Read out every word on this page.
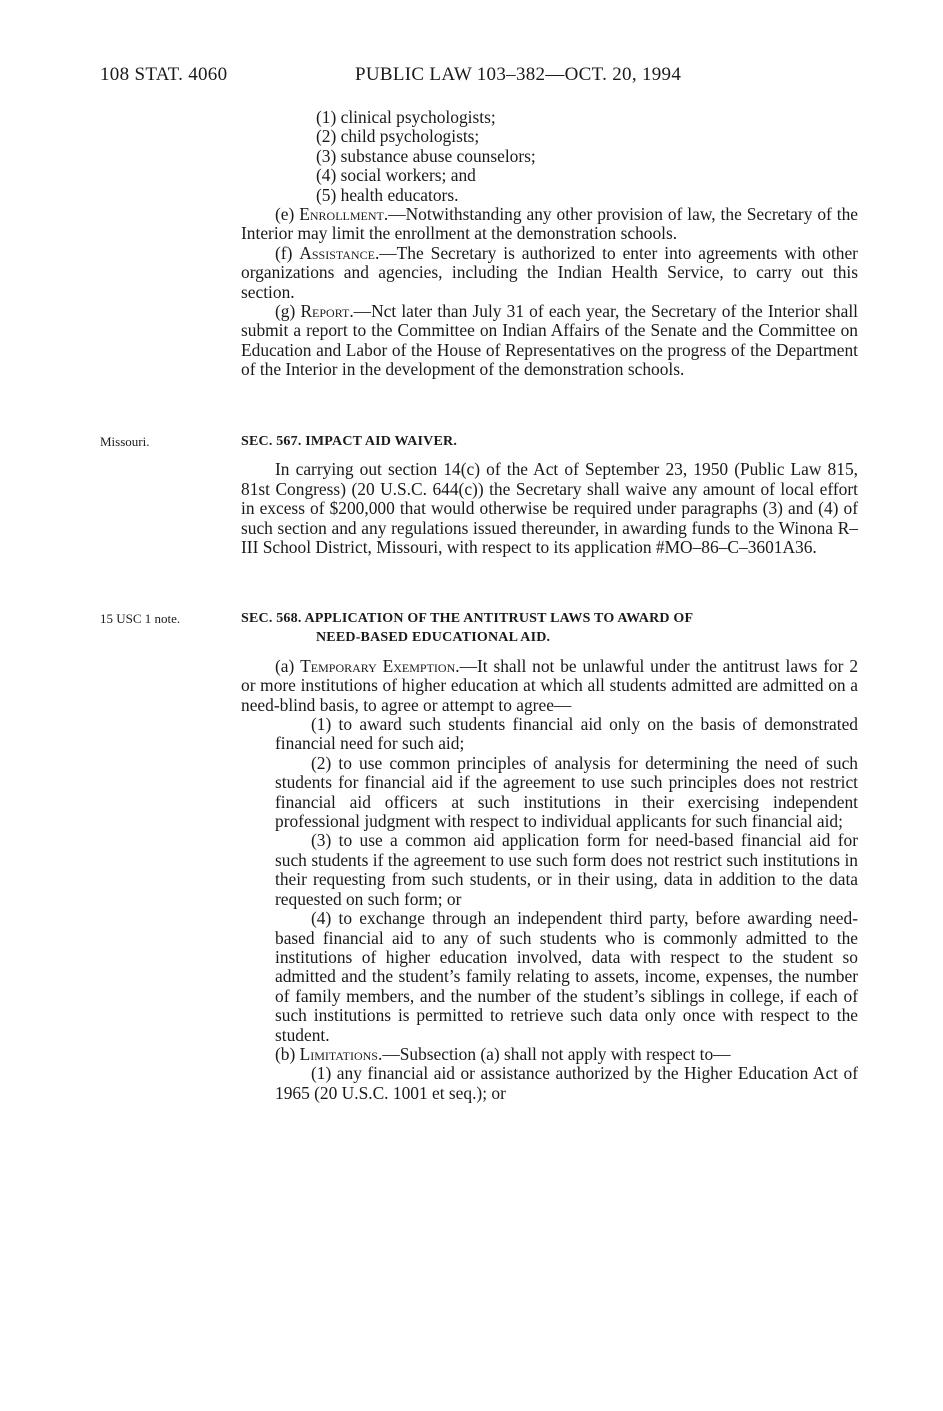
108 STAT. 4060	PUBLIC LAW 103–382—OCT. 20, 1994

(1) clinical psychologists;

(2) child psychologists;

(3) substance abuse counselors;

(4) social workers; and

(5) health educators.

(e) Enrollment.—Notwithstanding any other provision of law, the Secretary of the Interior may limit the enrollment at the demonstration schools.

(f) Assistance.—The Secretary is authorized to enter into agreements with other organizations and agencies, including the Indian Health Service, to carry out this section.

(g) Report.—Nct later than July 31 of each year, the Secretary of the Interior shall submit a report to the Committee on Indian Affairs of the Senate and the Committee on Education and Labor of the House of Representatives on the progress of the Department of the Interior in the development of the demonstration schools.

Missouri.	SEC. 567. IMPACT AID WAIVER.

In carrying out section 14(c) of the Act of September 23, 1950 (Public Law 815, 81st Congress) (20 U.S.C. 644(c)) the Secretary shall waive any amount of local effort in excess of $200,000 that would otherwise be required under paragraphs (3) and (4) of such section and any regulations issued thereunder, in awarding funds to the Winona R–III School District, Missouri, with respect to its application #MO–86–C–3601A36.

15 USC 1 note.	SEC. 568. APPLICATION OF THE ANTITRUST LAWS TO AWARD OF
NEED-BASED EDUCATIONAL AID.

(a) Temporary Exemption.—It shall not be unlawful under the antitrust laws for 2 or more institutions of higher education at which all students admitted are admitted on a need-blind basis, to agree or attempt to agree—

(1) to award such students financial aid only on the basis of demonstrated financial need for such aid;

(2) to use common principles of analysis for determining the need of such students for financial aid if the agreement to use such principles does not restrict financial aid officers at such institutions in their exercising independent professional judgment with respect to individual applicants for such financial aid;

(3) to use a common aid application form for need-based financial aid for such students if the agreement to use such form does not restrict such institutions in their requesting from such students, or in their using, data in addition to the data requested on such form; or

(4) to exchange through an independent third party, before awarding need-based financial aid to any of such students who is commonly admitted to the institutions of higher education involved, data with respect to the student so admitted and the student’s family relating to assets, income, expenses, the number of family members, and the number of the student’s siblings in college, if each of such institutions is permitted to retrieve such data only once with respect to the student.

(b) Limitations.—Subsection (a) shall not apply with respect to—

(1) any financial aid or assistance authorized by the Higher Education Act of 1965 (20 U.S.C. 1001 et seq.); or
